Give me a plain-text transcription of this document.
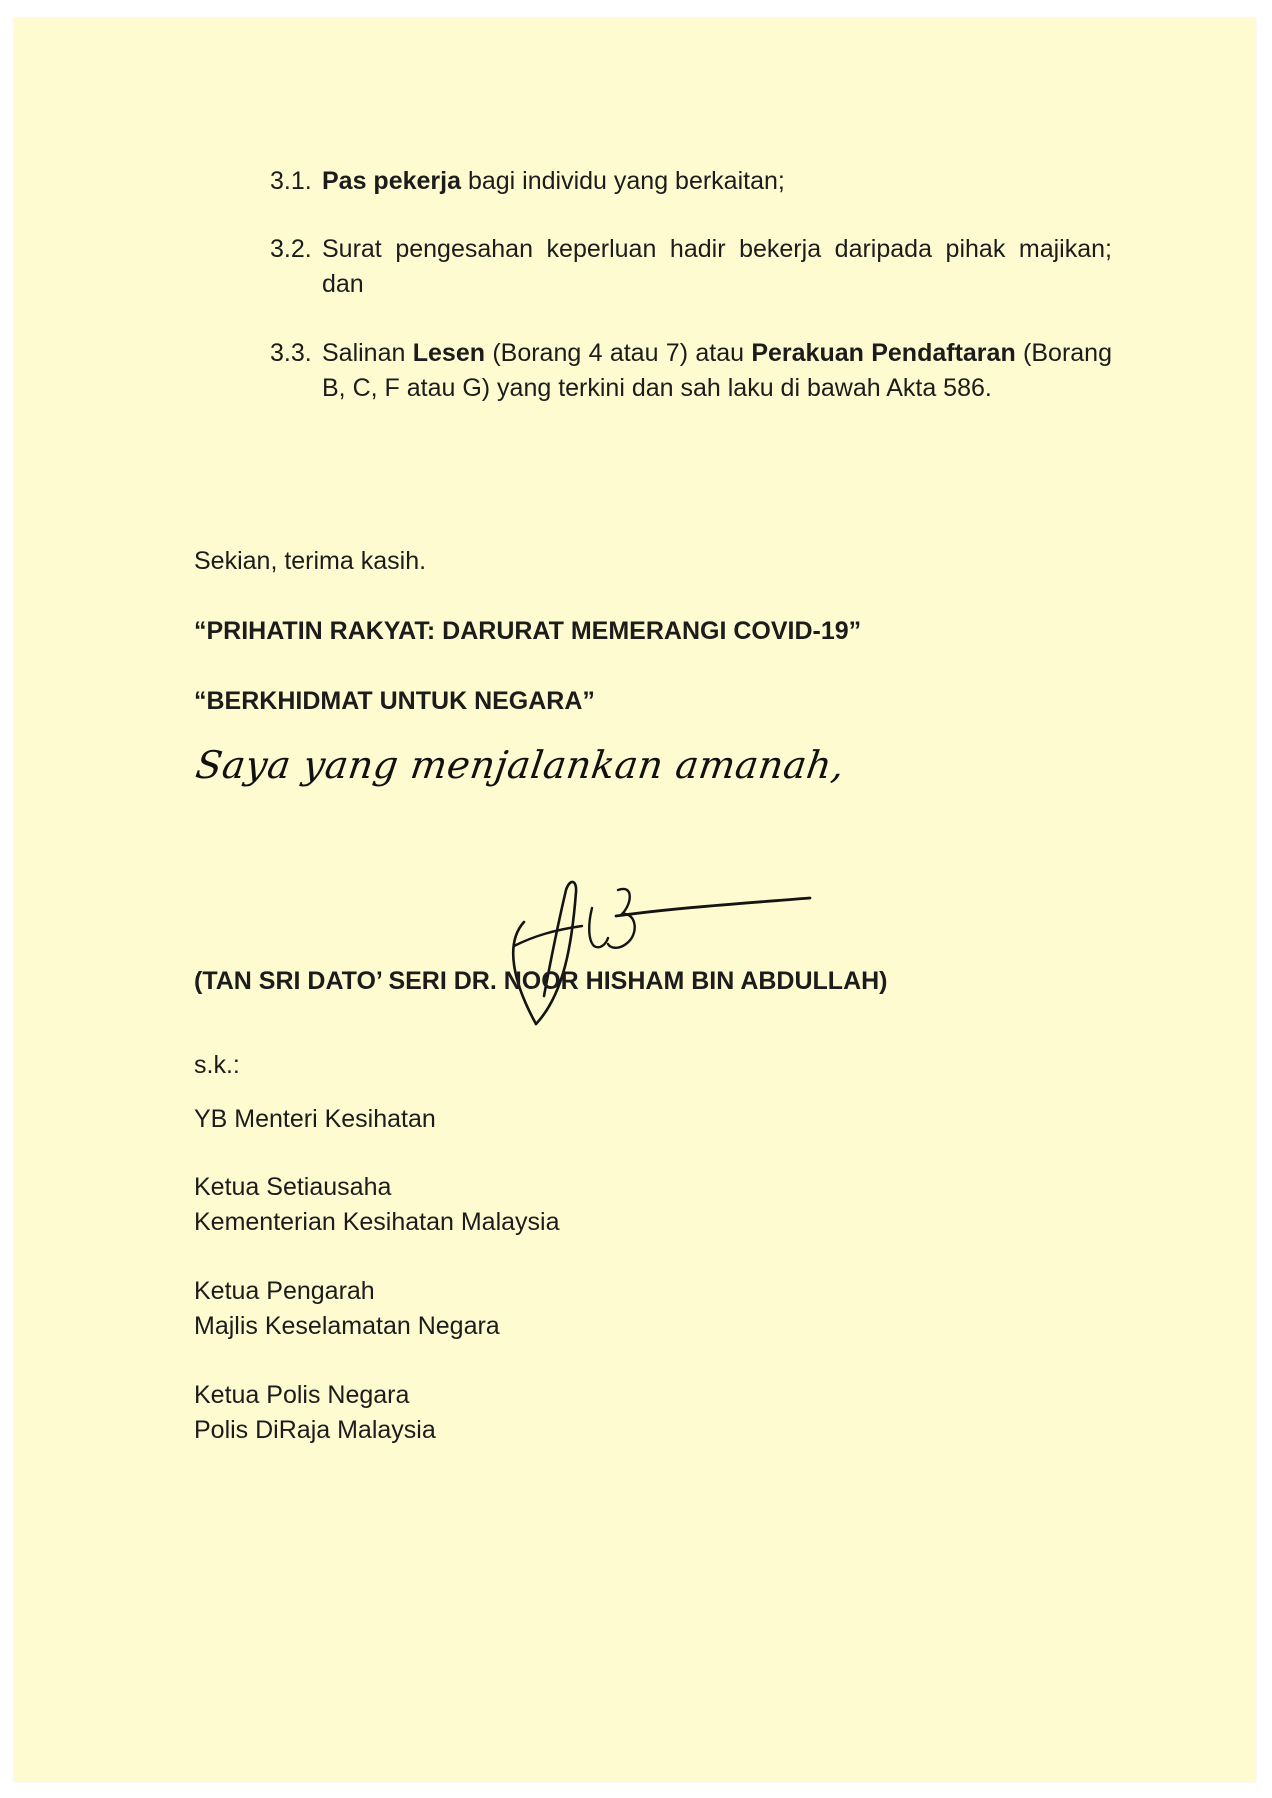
3.1. Pas pekerja bagi individu yang berkaitan;
3.2. Surat pengesahan keperluan hadir bekerja daripada pihak majikan; dan
3.3. Salinan Lesen (Borang 4 atau 7) atau Perakuan Pendaftaran (Borang B, C, F atau G) yang terkini dan sah laku di bawah Akta 586.
Sekian, terima kasih.
“PRIHATIN RAKYAT: DARURAT MEMERANGI COVID-19”
“BERKHIDMAT UNTUK NEGARA”
Saya yang menjalankan amanah,
(TAN SRI DATO’ SERI DR. NOOR HISHAM BIN ABDULLAH)
s.k.:
YB Menteri Kesihatan
Ketua Setiausaha
Kementerian Kesihatan Malaysia
Ketua Pengarah
Majlis Keselamatan Negara
Ketua Polis Negara
Polis DiRaja Malaysia
